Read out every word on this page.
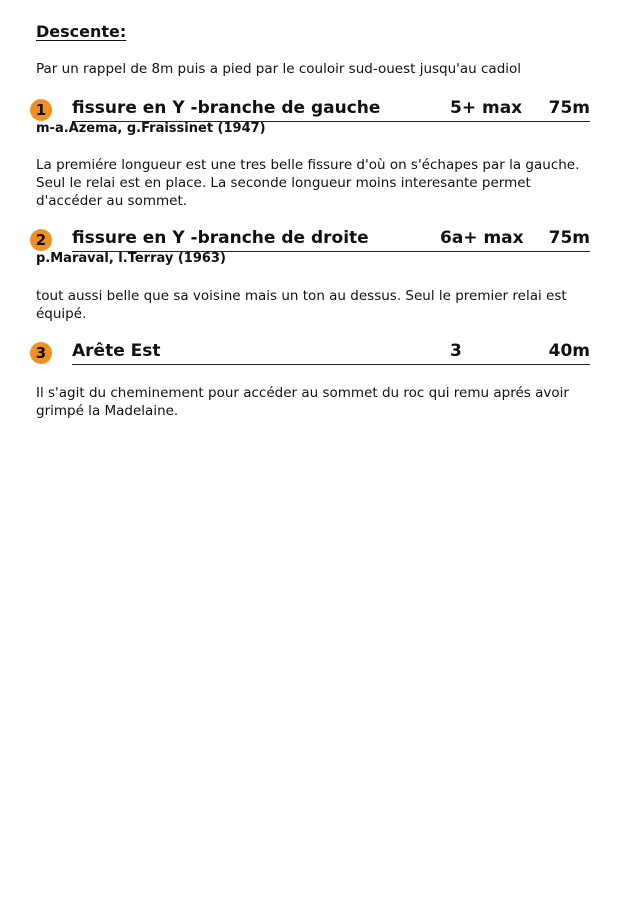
Descente:
Par un rappel de 8m puis a pied par le couloir sud-ouest jusqu'au cadiol
1	fissure en Y -branche de gauche	5+ max 75m
m-a.Azema, g.Fraissinet (1947)
La premiére longueur est une tres belle fissure d'où on s'échapes par la gauche. Seul le relai est en place. La seconde longueur moins interesante permet d'accéder au sommet.
2	fissure en Y -branche de droite	6a+ max 75m
p.Maraval, l.Terray (1963)
tout aussi belle que sa voisine mais un ton au dessus. Seul le premier relai est équipé.
3	Arête Est	3	40m
Il s'agit du cheminement pour accéder au sommet du roc qui remu aprés avoir grimpé la Madelaine.
